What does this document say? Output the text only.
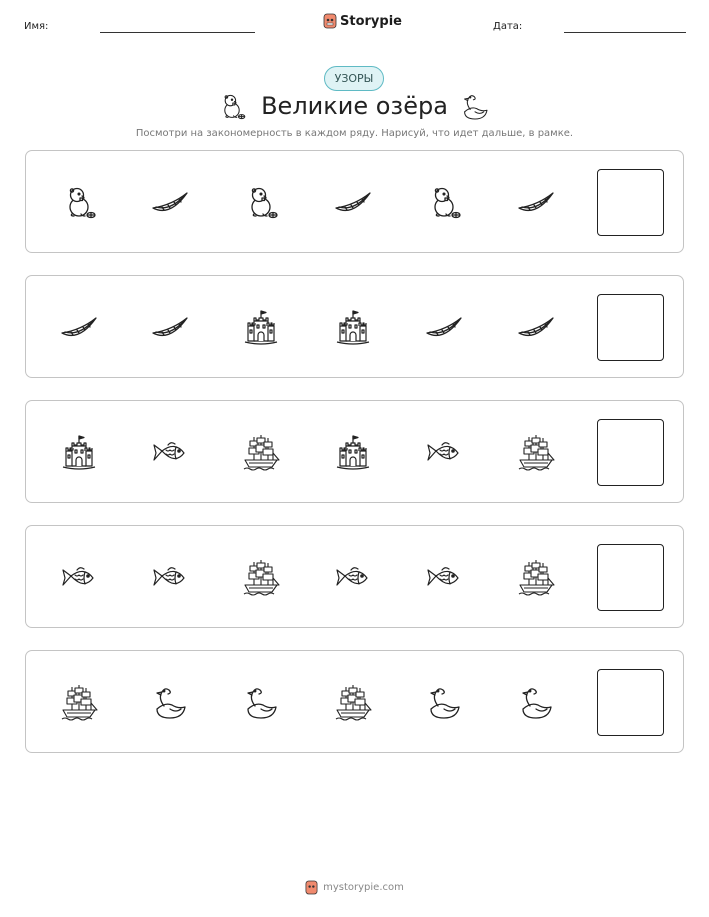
Имя:	Storypie	Дата:
УЗОРЫ
Великие озёра
Посмотри на закономерность в каждом ряду. Нарисуй, что идет дальше, в рамке.
mystorypie.com
